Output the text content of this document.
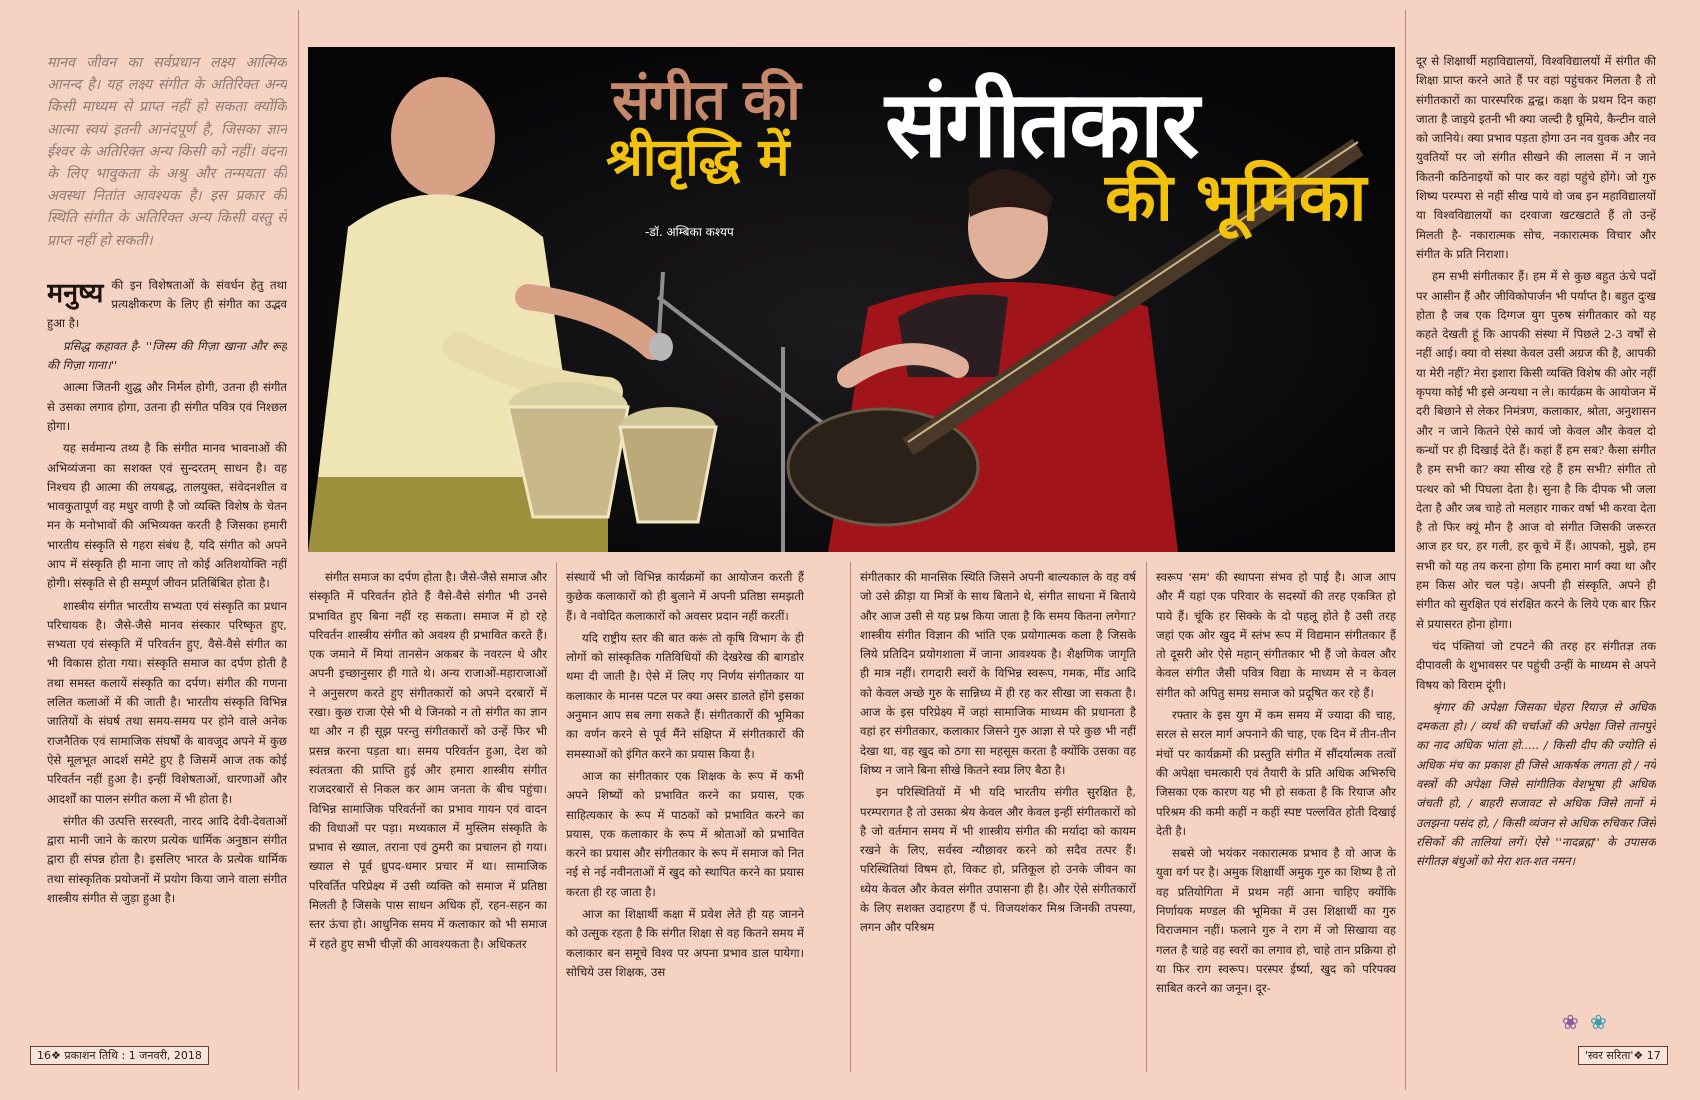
मानव जीवन का सर्वप्रधान लक्ष्य आत्मिक आनन्द है। यह लक्ष्य संगीत के अतिरिक्त अन्य किसी माध्यम से प्राप्त नहीं हो सकता क्योंकि आत्मा स्वयं इतनी आनंदपूर्ण है, जिसका ज्ञान ईश्वर के अतिरिक्त अन्य किसी को नहीं। वंदना के लिए भावुकता के अश्रु और तन्मयता की अवस्था नितांत आवश्यक है। इस प्रकार की स्थिति संगीत के अतिरिक्त अन्य किसी वस्तु से प्राप्त नहीं हो सकती।

मनुष्य की इन विशेषताओं के संवर्धन हेतु तथा प्रत्यक्षीकरण के लिए ही संगीत का उद्भव हुआ है।

प्रसिद्ध कहावत है- ''जिस्म की गिज़ा खाना और रूह की गिज़ा गाना।''

आत्मा जितनी शुद्ध और निर्मल होगी, उतना ही संगीत से उसका लगाव होगा, उतना ही संगीत पवित्र एवं निश्छल होगा।

यह सर्वमान्य तथ्य है कि संगीत मानव भावनाओं की अभिव्यंजना का सशक्त एवं सुन्दरतम् साधन है। वह निश्चय ही आत्मा की लयबद्ध, तालयुक्त, संवेदनशील व भावकुतापूर्ण वह मधुर वाणी है जो व्यक्ति विशेष के चेतन मन के मनोभावों की अभिव्यक्त करती है जिसका हमारी भारतीय संस्कृति से गहरा संबंध है, यदि संगीत को अपने आप में संस्कृति ही माना जाए तो कोई अतिशयोक्ति नहीं होगी। संस्कृति से ही सम्पूर्ण जीवन प्रतिबिंबित होता है।

शास्त्रीय संगीत भारतीय सभ्यता एवं संस्कृति का प्रधान परिचायक है। जैसे-जैसे मानव संस्कार परिष्कृत हुए, सभ्यता एवं संस्कृति में परिवर्तन हुए, वैसे-वैसे संगीत का भी विकास होता गया। संस्कृति समाज का दर्पण होती है तथा समस्त कलायें संस्कृति का दर्पण। संगीत की गणना ललित कलाओं में की जाती है। भारतीय संस्कृति विभिन्न जातियों के संघर्ष तथा समय-समय पर होने वाले अनेक राजनैतिक एवं सामाजिक संघर्षों के बावजूद अपने में कुछ ऐसे मूलभूत आदर्श समेटे हुए है जिसमें आज तक कोई परिवर्तन नहीं हुआ है। इन्हीं विशेषताओं, धारणाओं और आदर्शों का पालन संगीत कला में भी होता है।

संगीत की उत्पत्ति सरस्वती, नारद आदि देवी-देवताओं द्वारा मानी जाने के कारण प्रत्येक धार्मिक अनुष्ठान संगीत द्वारा ही संपन्न होता है। इसलिए भारत के प्रत्येक धार्मिक तथा सांस्कृतिक प्रयोजनों में प्रयोग किया जाने वाला संगीत शास्त्रीय संगीत से जुड़ा हुआ है।

संगीत की
श्रीवृद्धि में संगीतकार
की भूमिका
-डॉ. अम्बिका कश्यप

संगीत समाज का दर्पण होता है। जैसे-जैसे समाज और संस्कृति में परिवर्तन होते हैं वैसे-वैसे संगीत भी उनसे प्रभावित हुए बिना नहीं रह सकता। समाज में हो रहे परिवर्तन शास्त्रीय संगीत को अवश्य ही प्रभावित करते हैं। एक जमाने में मियां तानसेन अकबर के नवरत्न थे और अपनी इच्छानुसार ही गाते थे। अन्य राजाओं-महाराजाओं ने अनुसरण करते हुए संगीतकारों को अपने दरबारों में रखा। कुछ राजा ऐसे भी थे जिनको न तो संगीत का ज्ञान था और न ही सूझ परन्तु संगीतकारों को उन्हें फिर भी प्रसन्न करना पड़ता था। समय परिवर्तन हुआ, देश को स्वंतत्रता की प्राप्ति हुई और हमारा शास्त्रीय संगीत राजदरबारों से निकल कर आम जनता के बीच पहुंचा। विभिन्न सामाजिक परिवर्तनों का प्रभाव गायन एवं वादन की विधाओं पर पड़ा। मध्यकाल में मुस्लिम संस्कृति के प्रभाव से ख्याल, तराना एवं ठुमरी का प्रचालन हो गया। ख्याल से पूर्व ध्रुपद-धमार प्रचार में था। सामाजिक परिवर्तित परिप्रेक्ष्य में उसी व्यक्ति को समाज में प्रतिष्ठा मिलती है जिसके पास साधन अधिक हों, रहन-सहन का स्तर ऊंचा हो। आधुनिक समय में कलाकार को भी समाज में रहते हुए सभी चीज़ों की आवश्यकता है। अधिकतर

संस्थायें भी जो विभिन्न कार्यक्रमों का आयोजन करती हैं कुछेक कलाकारों को ही बुलाने में अपनी प्रतिष्ठा समझती हैं। वे नवोदित कलाकारों को अवसर प्रदान नहीं करतीं।

यदि राष्ट्रीय स्तर की बात करूं तो कृषि विभाग के ही लोगों को सांस्कृतिक गतिविधियों की देखरेख की बागडोर थमा दी जाती है। ऐसे में लिए गए निर्णय संगीतकार या कलाकार के मानस पटल पर क्या असर डालते होंगे इसका अनुमान आप सब लगा सकते हैं। संगीतकारों की भूमिका का वर्णन करने से पूर्व मैंने संक्षिप्त में संगीतकारों की समस्याओं को इंगित करने का प्रयास किया है।

आज का संगीतकार एक शिक्षक के रूप में कभी अपने शिष्यों को प्रभावित करने का प्रयास, एक साहित्यकार के रूप में पाठकों को प्रभावित करने का प्रयास, एक कलाकार के रूप में श्रोताओं को प्रभावित करने का प्रयास और संगीतकार के रूप में समाज को नित नई से नई नवीनताओं में खुद को स्थापित करने का प्रयास करता ही रह जाता है।

आज का शिक्षार्थी कक्षा में प्रवेश लेते ही यह जानने को उत्सुक रहता है कि संगीत शिक्षा से वह कितने समय में कलाकार बन समूचे विश्व पर अपना प्रभाव डाल पायेगा। सोचिये उस शिक्षक, उस

संगीतकार की मानसिक स्थिति जिसने अपनी बाल्यकाल के वह वर्ष जो उसे क्रीड़ा या मित्रों के साथ बिताने थे, संगीत साधना में बिताये और आज उसी से यह प्रश्न किया जाता है कि समय कितना लगेगा? शास्त्रीय संगीत विज्ञान की भांति एक प्रयोगात्मक कला है जिसके लिये प्रतिदिन प्रयोगशाला में जाना आवश्यक है। शैक्षणिक जागृति ही मात्र नहीं। रागदारी स्वरों के विभिन्न स्वरूप, गमक, मींड आदि को केवल अच्छे गुरु के सान्निध्य में ही रह कर सीखा जा सकता है। आज के इस परिप्रेक्ष्य में जहां सामाजिक माध्यम की प्रधानता है वहां हर संगीतकार, कलाकार जिसने गुरु आज्ञा से परे कुछ भी नहीं देखा था, वह खुद को ठगा सा महसूस करता है क्योंकि उसका वह शिष्य न जाने बिना सीखे कितने स्वप्न लिए बैठा है।

इन परिस्थितियों में भी यदि भारतीय संगीत सुरक्षित है, परम्परागत है तो उसका श्रेय केवल और केवल इन्हीं संगीतकारों को है जो वर्तमान समय में भी शास्त्रीय संगीत की मर्यादा को कायम रखने के लिए, सर्वस्व न्यौछावर करने को सदैव तत्पर हैं। परिस्थितियां विषम हो, विकट हो, प्रतिकूल हो उनके जीवन का ध्येय केवल और केवल संगीत उपासना ही है। और ऐसे संगीतकारों के लिए सशक्त उदाहरण हैं पं. विजयशंकर मिश्र जिनकी तपस्या, लगन और परिश्रम

स्वरूप 'सम' की स्थापना संभव हो पाई है। आज आप और मैं यहां एक परिवार के सदस्यों की तरह एकत्रित हो पाये हैं। चूंकि हर सिक्के के दो पहलू होते है उसी तरह जहां एक ओर खुद में स्तंभ रूप में विद्यमान संगीतकार हैं तो दूसरी ओर ऐसे महान् संगीतकार भी हैं जो केवल और केवल संगीत जैसी पवित्र विद्या के माध्यम से न केवल संगीत को अपितु समग्र समाज को प्रदूषित कर रहे हैं।

रफ्तार के इस युग में कम समय में ज्यादा की चाह, सरल से सरल मार्ग अपनाने की चाह, एक दिन में तीन-तीन मंचों पर कार्यक्रमों की प्रस्तुति संगीत में सौंदर्यात्मक तत्वों की अपेक्षा चमत्कारी एवं तैयारी के प्रति अधिक अभिरुचि जिसका एक कारण यह भी हो सकता है कि रियाज और परिश्रम की कमी कहीं न कहीं स्पष्ट पल्लवित होती दिखाई देती है।

सबसे जो भयंकर नकारात्मक प्रभाव है वो आज के युवा वर्ग पर है। अमुक शिक्षार्थी अमुक गुरु का शिष्य है तो वह प्रतियोगिता में प्रथम नहीं आना चाहिए क्योंकि निर्णायक मण्डल की भूमिका में उस शिक्षार्थी का गुरु विराजमान नहीं। फलाने गुरु ने राग में जो सिखाया वह गलत है चाहे वह स्वरों का लगाव हो, चाहे तान प्रक्रिया हो या फिर राग स्वरूप। परस्पर ईर्ष्या, खुद को परिपक्व साबित करने का जनून। दूर-

दूर से शिक्षार्थी महाविद्यालयों, विश्वविद्यालयों में संगीत की शिक्षा प्राप्त करने आते हैं पर वहां पहुंचकर मिलता है तो संगीतकारों का पारस्परिक द्वन्द्व। कक्षा के प्रथम दिन कहा जाता है जाइये इतनी भी क्या जल्दी है घूमिये, कैन्टीन वाले को जानिये। क्या प्रभाव पड़ता होगा उन नव युवक और नव युवतियों पर जो संगीत सीखने की लालसा में न जाने कितनी कठिनाइयों को पार कर वहां पहुंचे होंगे। जो गुरु शिष्य परम्परा से नहीं सीख पाये वो जब इन महाविद्यालयों या विश्वविद्यालयों का दरवाजा खटखटाते हैं तो उन्हें मिलती है- नकारात्मक सोच, नकारात्मक विचार और संगीत के प्रति निराशा।

हम सभी संगीतकार हैं। हम में से कुछ बहुत ऊंचे पदों पर आसीन हैं और जीविकोपार्जन भी पर्याप्त है। बहुत दुःख होता है जब एक दिग्गज युग पुरुष संगीतकार को यह कहते देखती हूं कि आपकी संस्था में पिछले 2-3 वर्षों से नहीं आई। क्या वो संस्था केवल उसी अग्रज की है, आपकी या मेरी नहीं? मेरा इशारा किसी व्यक्ति विशेष की ओर नहीं कृपया कोई भी इसे अन्यथा न ले। कार्यक्रम के आयोजन में दरी बिछाने से लेकर निमंत्रण, कलाकार, श्रोता, अनुशासन और न जाने कितने ऐसे कार्य जो केवल और केवल दो कन्धों पर ही दिखाई देते हैं। कहां हैं हम सब? कैसा संगीत है हम सभी का? क्या सीख रहे हैं हम सभी? संगीत तो पत्थर को भी पिघला देता है। सुना है कि दीपक भी जला देता है और जब चाहे तो मलहार गाकर वर्षा भी करवा देता है तो फिर क्यूं मौन है आज वो संगीत जिसकी जरूरत आज हर घर, हर गली, हर कूचे में हैं। आपको, मुझे, हम सभी को यह तय करना होगा कि हमारा मार्ग क्या था और हम किस ओर चल पड़े। अपनी ही संस्कृति, अपने ही संगीत को सुरक्षित एवं संरक्षित करने के लिये एक बार फ़िर से प्रयासरत होना होगा।

चंद पंक्तियां जो टपटने की तरह हर संगीतज्ञ तक दीपावली के शुभावसर पर पहुंची उन्हीं के माध्यम से अपने विषय को विराम दूंगी।

श्रृंगार की अपेक्षा जिसका चेहरा रियाज़ से अधिक दमकता हो। / व्यर्थ की चर्चाओं की अपेक्षा जिसे तानपुरे का नाद अधिक भांता हो..... / किसी दीप की ज्योति से अधिक मंच का प्रकाश ही जिसे आकर्षक लगता हो / नये वस्त्रों की अपेक्षा जिसे सांगीतिक वेशभूषा ही अधिक जंचती हो, / बाहरी सजावट से अधिक जिसे तानों में उलझना पसंद हो, / किसी व्यंजन से अधिक रुचिकर जिसे रसिकों की तालियां लगें। ऐसे ''नादब्रह्म'' के उपासक संगीतज्ञ बंधुओं को मेरा शत-शत नमन।

❀ ❀
16❖ प्रकाशन तिथि : 1 जनवरी, 2018	'स्वर सरिता'❖ 17
